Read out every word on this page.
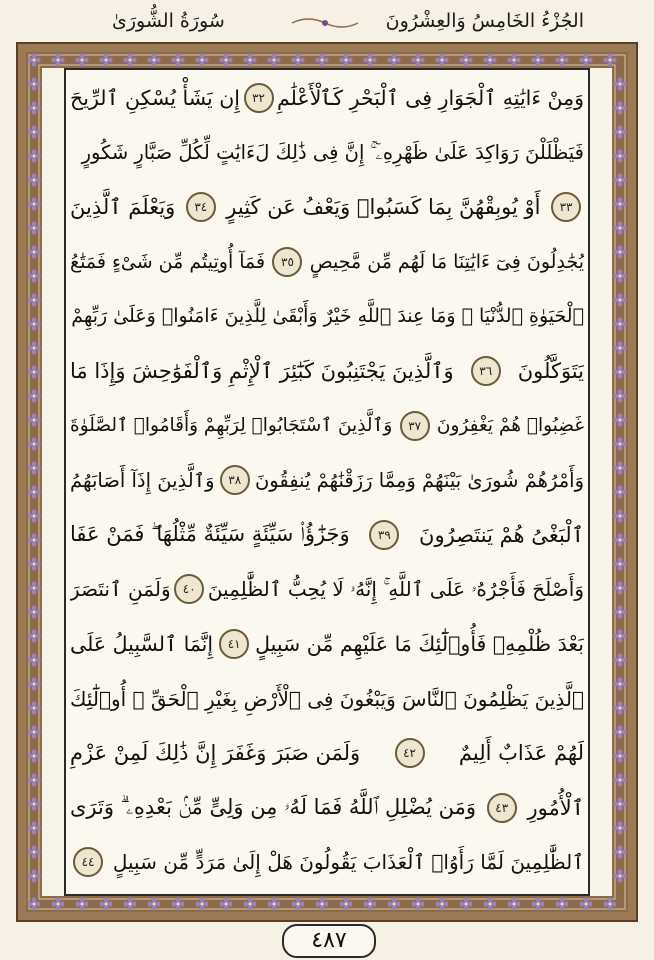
سُورَةُ الشُّورَىٰ	الجُزْءُ الخَامِسُ وَالعِشْرُونَ
وَمِنْ ءَايَٰتِهِ ٱلْجَوَارِ فِى ٱلْبَحْرِ كَٱلْأَعْلَٰمِ
٣٢
إِن يَشَأْ يُسْكِنِ ٱلرِّيحَ
فَيَظْلَلْنَ رَوَاكِدَ عَلَىٰ ظَهْرِهِۦٓ ۚ إِنَّ فِى ذَٰلِكَ لَءَايَٰتٍ لِّكُلِّ صَبَّارٍ شَكُورٍ
٣٣
أَوْ يُوبِقْهُنَّ بِمَا كَسَبُوا۟ وَيَعْفُ عَن كَثِيرٍ
٣٤
وَيَعْلَمَ ٱلَّذِينَ
يُجَٰدِلُونَ فِىٓ ءَايَٰتِنَا مَا لَهُم مِّن مَّحِيصٍ
٣٥
فَمَآ أُوتِيتُم مِّن شَىْءٍ فَمَتَٰعُ
ٱلْحَيَوٰةِ ٱلدُّنْيَا ۖ وَمَا عِندَ ٱللَّهِ خَيْرٌ وَأَبْقَىٰ لِلَّذِينَ ءَامَنُوا۟ وَعَلَىٰ رَبِّهِمْ
يَتَوَكَّلُونَ
٣٦
وَٱلَّذِينَ يَجْتَنِبُونَ كَبَٰٓئِرَ ٱلْإِثْمِ وَٱلْفَوَٰحِشَ وَإِذَا مَا
غَضِبُوا۟ هُمْ يَغْفِرُونَ
٣٧
وَٱلَّذِينَ ٱسْتَجَابُوا۟ لِرَبِّهِمْ وَأَقَامُوا۟ ٱلصَّلَوٰةَ
وَأَمْرُهُمْ شُورَىٰ بَيْنَهُمْ وَمِمَّا رَزَقْنَٰهُمْ يُنفِقُونَ
٣٨
وَٱلَّذِينَ إِذَآ أَصَابَهُمُ
ٱلْبَغْىُ هُمْ يَنتَصِرُونَ
٣٩
وَجَزَٰٓؤُا۟ سَيِّئَةٍ سَيِّئَةٌ مِّثْلُهَا ۖ فَمَنْ عَفَا
وَأَصْلَحَ فَأَجْرُهُۥ عَلَى ٱللَّهِ ۚ إِنَّهُۥ لَا يُحِبُّ ٱلظَّٰلِمِينَ
٤٠
وَلَمَنِ ٱنتَصَرَ
بَعْدَ ظُلْمِهِۦ فَأُو۟لَٰٓئِكَ مَا عَلَيْهِم مِّن سَبِيلٍ
٤١
إِنَّمَا ٱلسَّبِيلُ عَلَى
ٱلَّذِينَ يَظْلِمُونَ ٱلنَّاسَ وَيَبْغُونَ فِى ٱلْأَرْضِ بِغَيْرِ ٱلْحَقِّ ۚ أُو۟لَٰٓئِكَ
لَهُمْ عَذَابٌ أَلِيمٌ
٤٢
وَلَمَن صَبَرَ وَغَفَرَ إِنَّ ذَٰلِكَ لَمِنْ عَزْمِ
ٱلْأُمُورِ
٤٣
وَمَن يُضْلِلِ ٱللَّهُ فَمَا لَهُۥ مِن وَلِىٍّ مِّنۢ بَعْدِهِۦ ۗ وَتَرَى
ٱلظَّٰلِمِينَ لَمَّا رَأَوُا۟ ٱلْعَذَابَ يَقُولُونَ هَلْ إِلَىٰ مَرَدٍّ مِّن سَبِيلٍ
٤٤
٤٨٧
